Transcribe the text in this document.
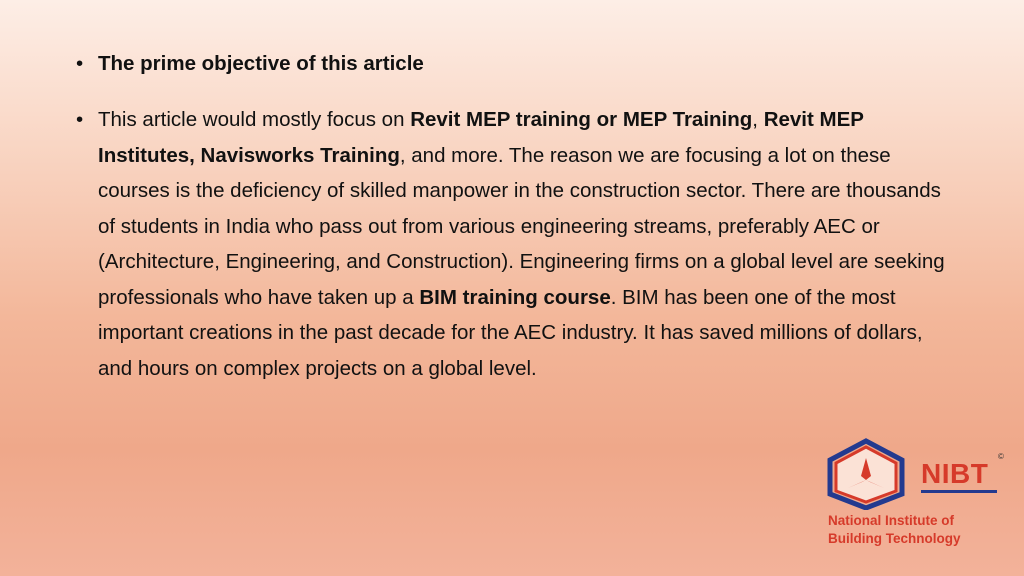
• The prime objective of this article
• This article would mostly focus on Revit MEP training or MEP Training, Revit MEP Institutes, Navisworks Training, and more. The reason we are focusing a lot on these courses is the deficiency of skilled manpower in the construction sector. There are thousands of students in India who pass out from various engineering streams, preferably AEC or (Architecture, Engineering, and Construction). Engineering firms on a global level are seeking professionals who have taken up a BIM training course. BIM has been one of the most important creations in the past decade for the AEC industry. It has saved millions of dollars, and hours on complex projects on a global level.
NIBT
©
National Institute of
Building Technology
